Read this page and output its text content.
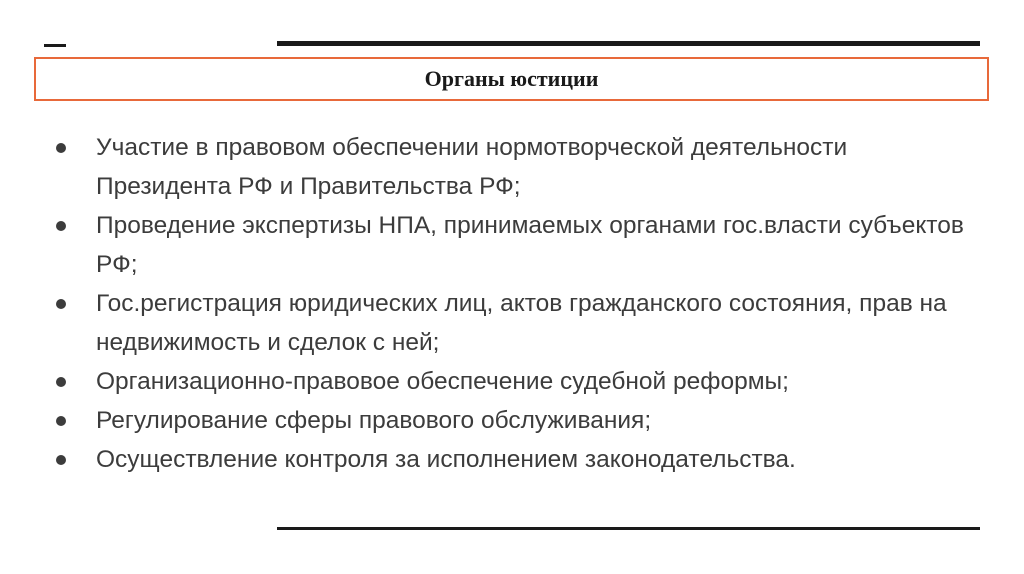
Органы юстиции
Участие в правовом обеспечении нормотворческой деятельности Президента РФ и Правительства РФ;
Проведение экспертизы НПА, принимаемых органами гос.власти субъектов РФ;
Гос.регистрация юридических лиц, актов гражданского состояния, прав на недвижимость и сделок с ней;
Организационно-правовое обеспечение судебной реформы;
Регулирование сферы правового обслуживания;
Осуществление контроля за исполнением законодательства.
